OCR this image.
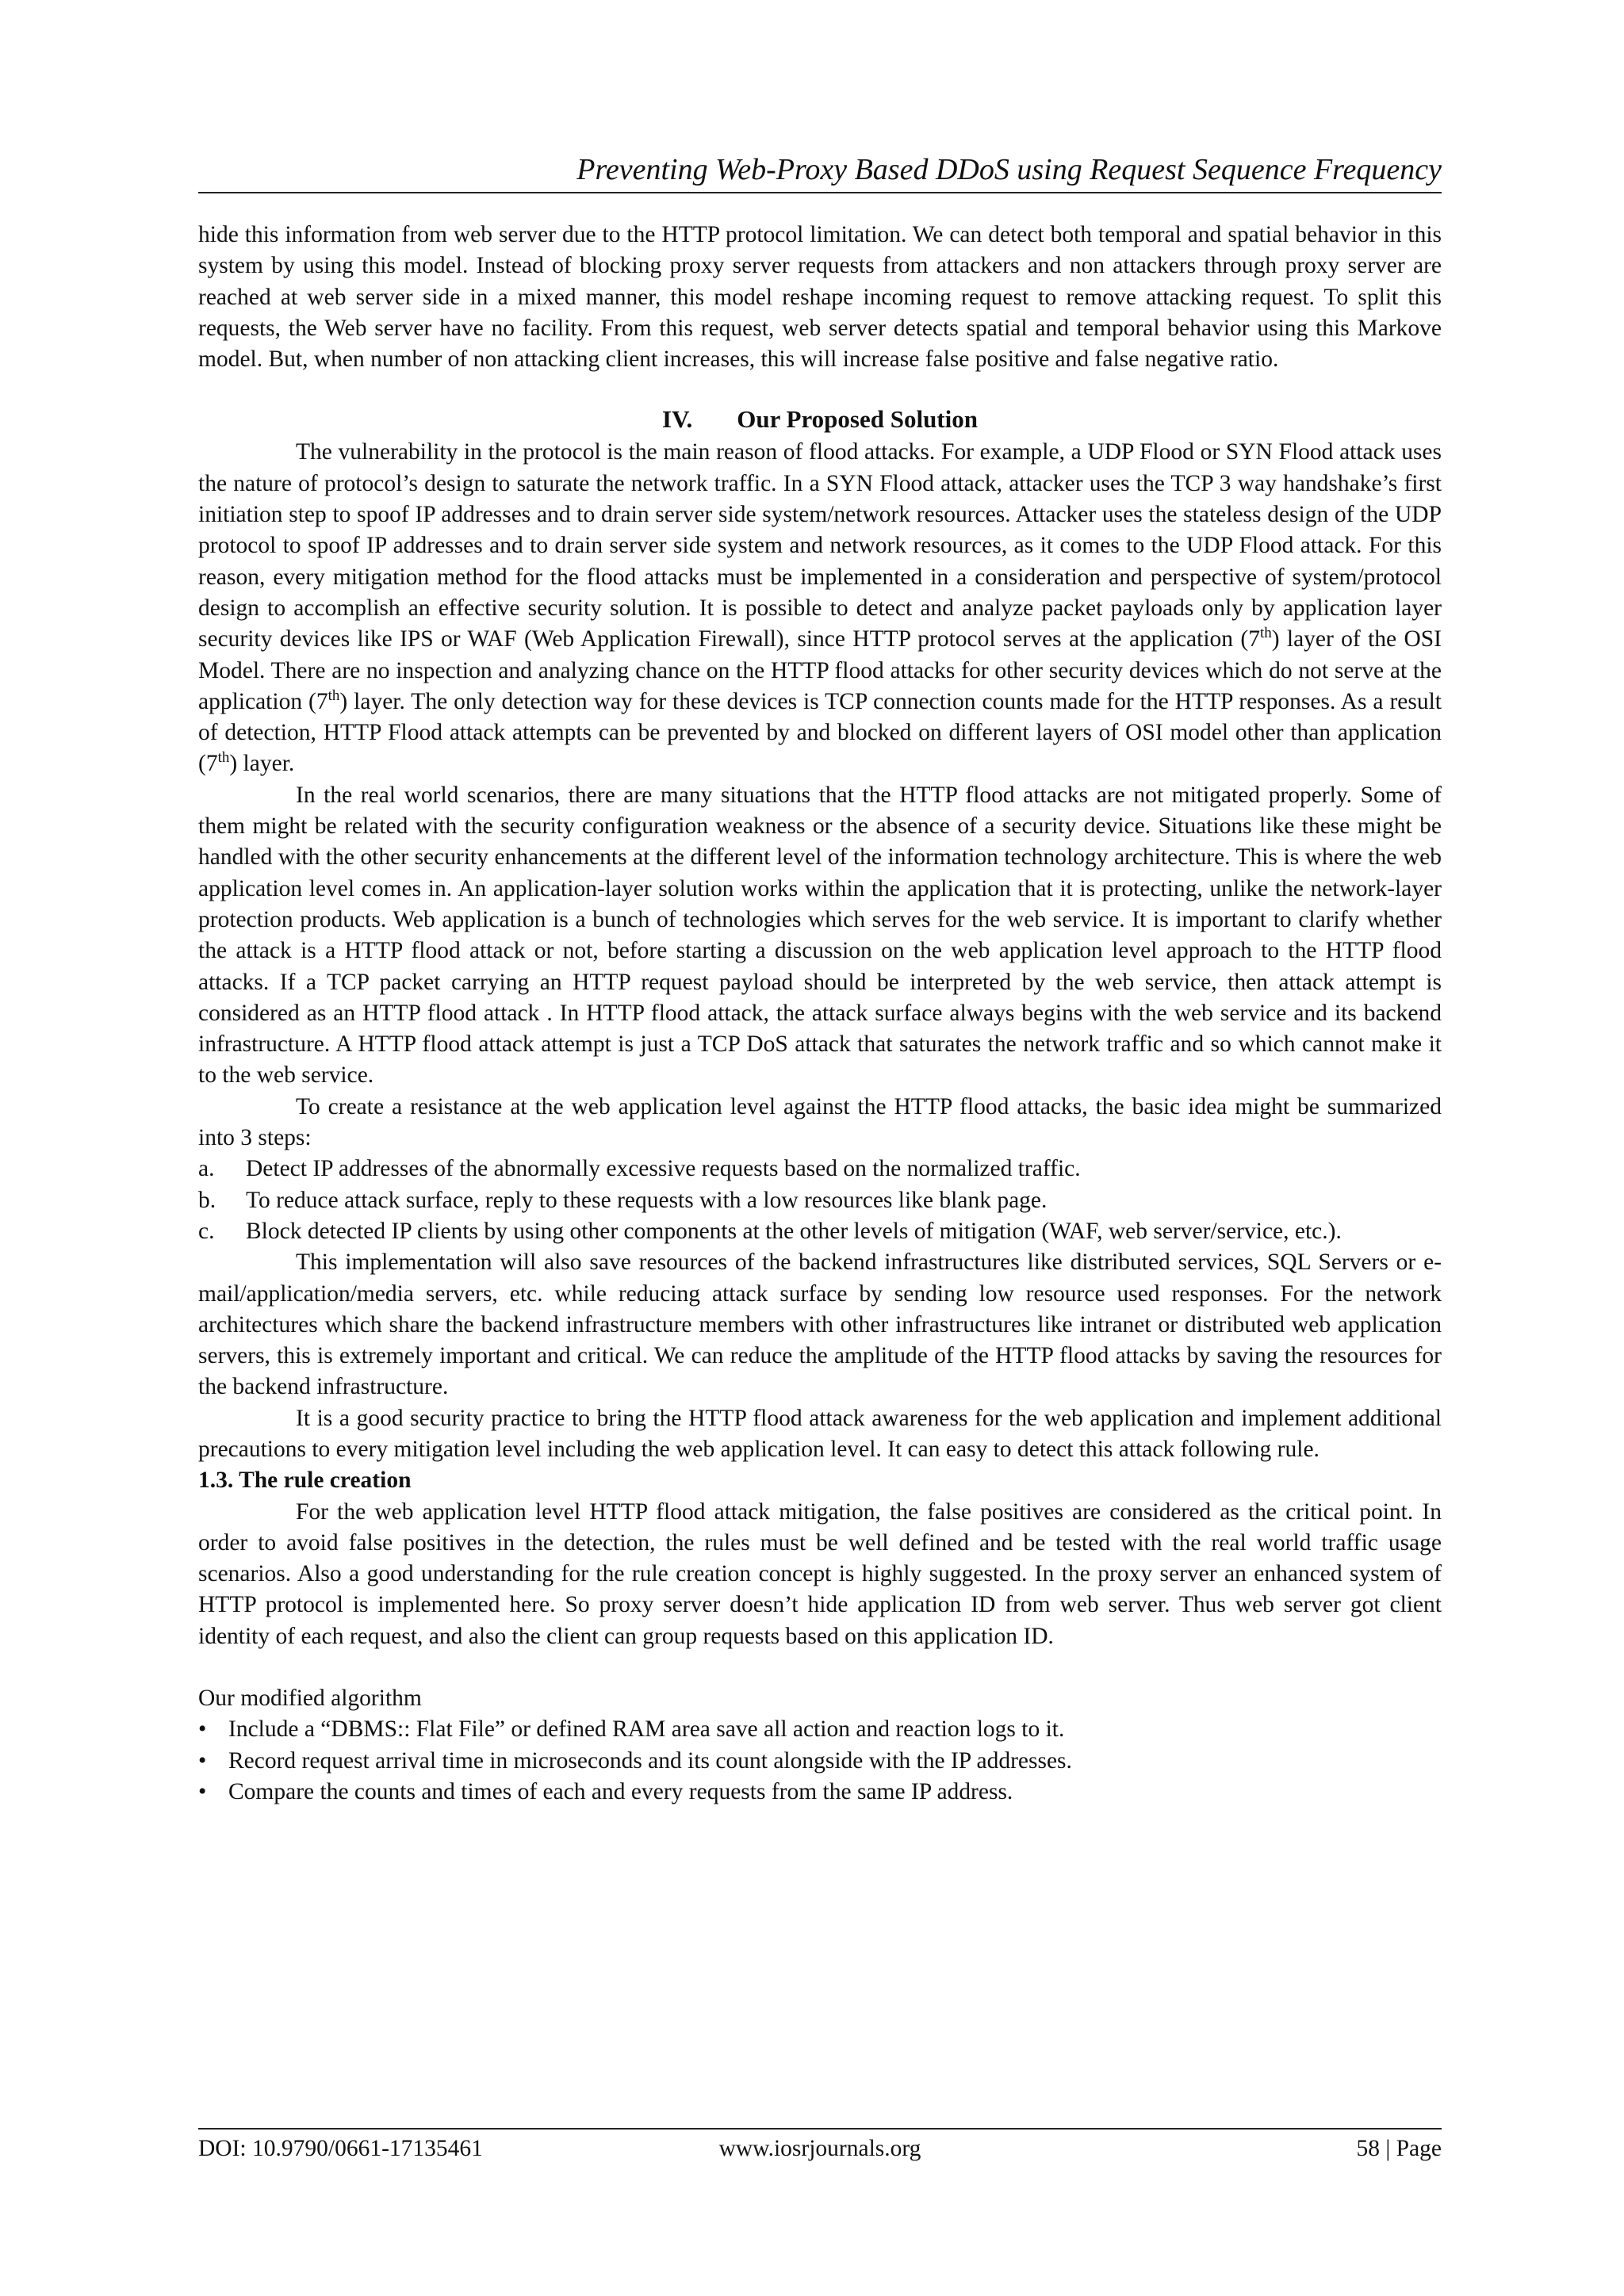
Preventing Web-Proxy Based DDoS using Request Sequence Frequency

hide this information from web server due to the HTTP protocol limitation. We can detect both temporal and spatial behavior in this system by using this model. Instead of blocking proxy server requests from attackers and non attackers through proxy server are reached at web server side in a mixed manner, this model reshape incoming request to remove attacking request. To split this requests, the Web server have no facility. From this request, web server detects spatial and temporal behavior using this Markove model. But, when number of non attacking client increases, this will increase false positive and false negative ratio.

IV. Our Proposed Solution

The vulnerability in the protocol is the main reason of flood attacks. For example, a UDP Flood or SYN Flood attack uses the nature of protocol’s design to saturate the network traffic. In a SYN Flood attack, attacker uses the TCP 3 way handshake’s first initiation step to spoof IP addresses and to drain server side system/network resources. Attacker uses the stateless design of the UDP protocol to spoof IP addresses and to drain server side system and network resources, as it comes to the UDP Flood attack. For this reason, every mitigation method for the flood attacks must be implemented in a consideration and perspective of system/protocol design to accomplish an effective security solution. It is possible to detect and analyze packet payloads only by application layer security devices like IPS or WAF (Web Application Firewall), since HTTP protocol serves at the application (7th) layer of the OSI Model. There are no inspection and analyzing chance on the HTTP flood attacks for other security devices which do not serve at the application (7th) layer. The only detection way for these devices is TCP connection counts made for the HTTP responses. As a result of detection, HTTP Flood attack attempts can be prevented by and blocked on different layers of OSI model other than application (7th) layer.

In the real world scenarios, there are many situations that the HTTP flood attacks are not mitigated properly. Some of them might be related with the security configuration weakness or the absence of a security device. Situations like these might be handled with the other security enhancements at the different level of the information technology architecture. This is where the web application level comes in. An application-layer solution works within the application that it is protecting, unlike the network-layer protection products. Web application is a bunch of technologies which serves for the web service. It is important to clarify whether the attack is a HTTP flood attack or not, before starting a discussion on the web application level approach to the HTTP flood attacks. If a TCP packet carrying an HTTP request payload should be interpreted by the web service, then attack attempt is considered as an HTTP flood attack . In HTTP flood attack, the attack surface always begins with the web service and its backend infrastructure. A HTTP flood attack attempt is just a TCP DoS attack that saturates the network traffic and so which cannot make it to the web service.

To create a resistance at the web application level against the HTTP flood attacks, the basic idea might be summarized into 3 steps:

a.	Detect IP addresses of the abnormally excessive requests based on the normalized traffic.
b.	To reduce attack surface, reply to these requests with a low resources like blank page.
c.	Block detected IP clients by using other components at the other levels of mitigation (WAF, web server/service, etc.).

This implementation will also save resources of the backend infrastructures like distributed services, SQL Servers or e-mail/application/media servers, etc. while reducing attack surface by sending low resource used responses. For the network architectures which share the backend infrastructure members with other infrastructures like intranet or distributed web application servers, this is extremely important and critical. We can reduce the amplitude of the HTTP flood attacks by saving the resources for the backend infrastructure.

It is a good security practice to bring the HTTP flood attack awareness for the web application and implement additional precautions to every mitigation level including the web application level. It can easy to detect this attack following rule.

1.3. The rule creation

For the web application level HTTP flood attack mitigation, the false positives are considered as the critical point. In order to avoid false positives in the detection, the rules must be well defined and be tested with the real world traffic usage scenarios. Also a good understanding for the rule creation concept is highly suggested. In the proxy server an enhanced system of HTTP protocol is implemented here. So proxy server doesn’t hide application ID from web server. Thus web server got client identity of each request, and also the client can group requests based on this application ID.

Our modified algorithm

• Include a “DBMS:: Flat File” or defined RAM area save all action and reaction logs to it.
• Record request arrival time in microseconds and its count alongside with the IP addresses.
• Compare the counts and times of each and every requests from the same IP address.
www.iosrjournals.org
DOI: 10.9790/0661-17135461	58 | Page
